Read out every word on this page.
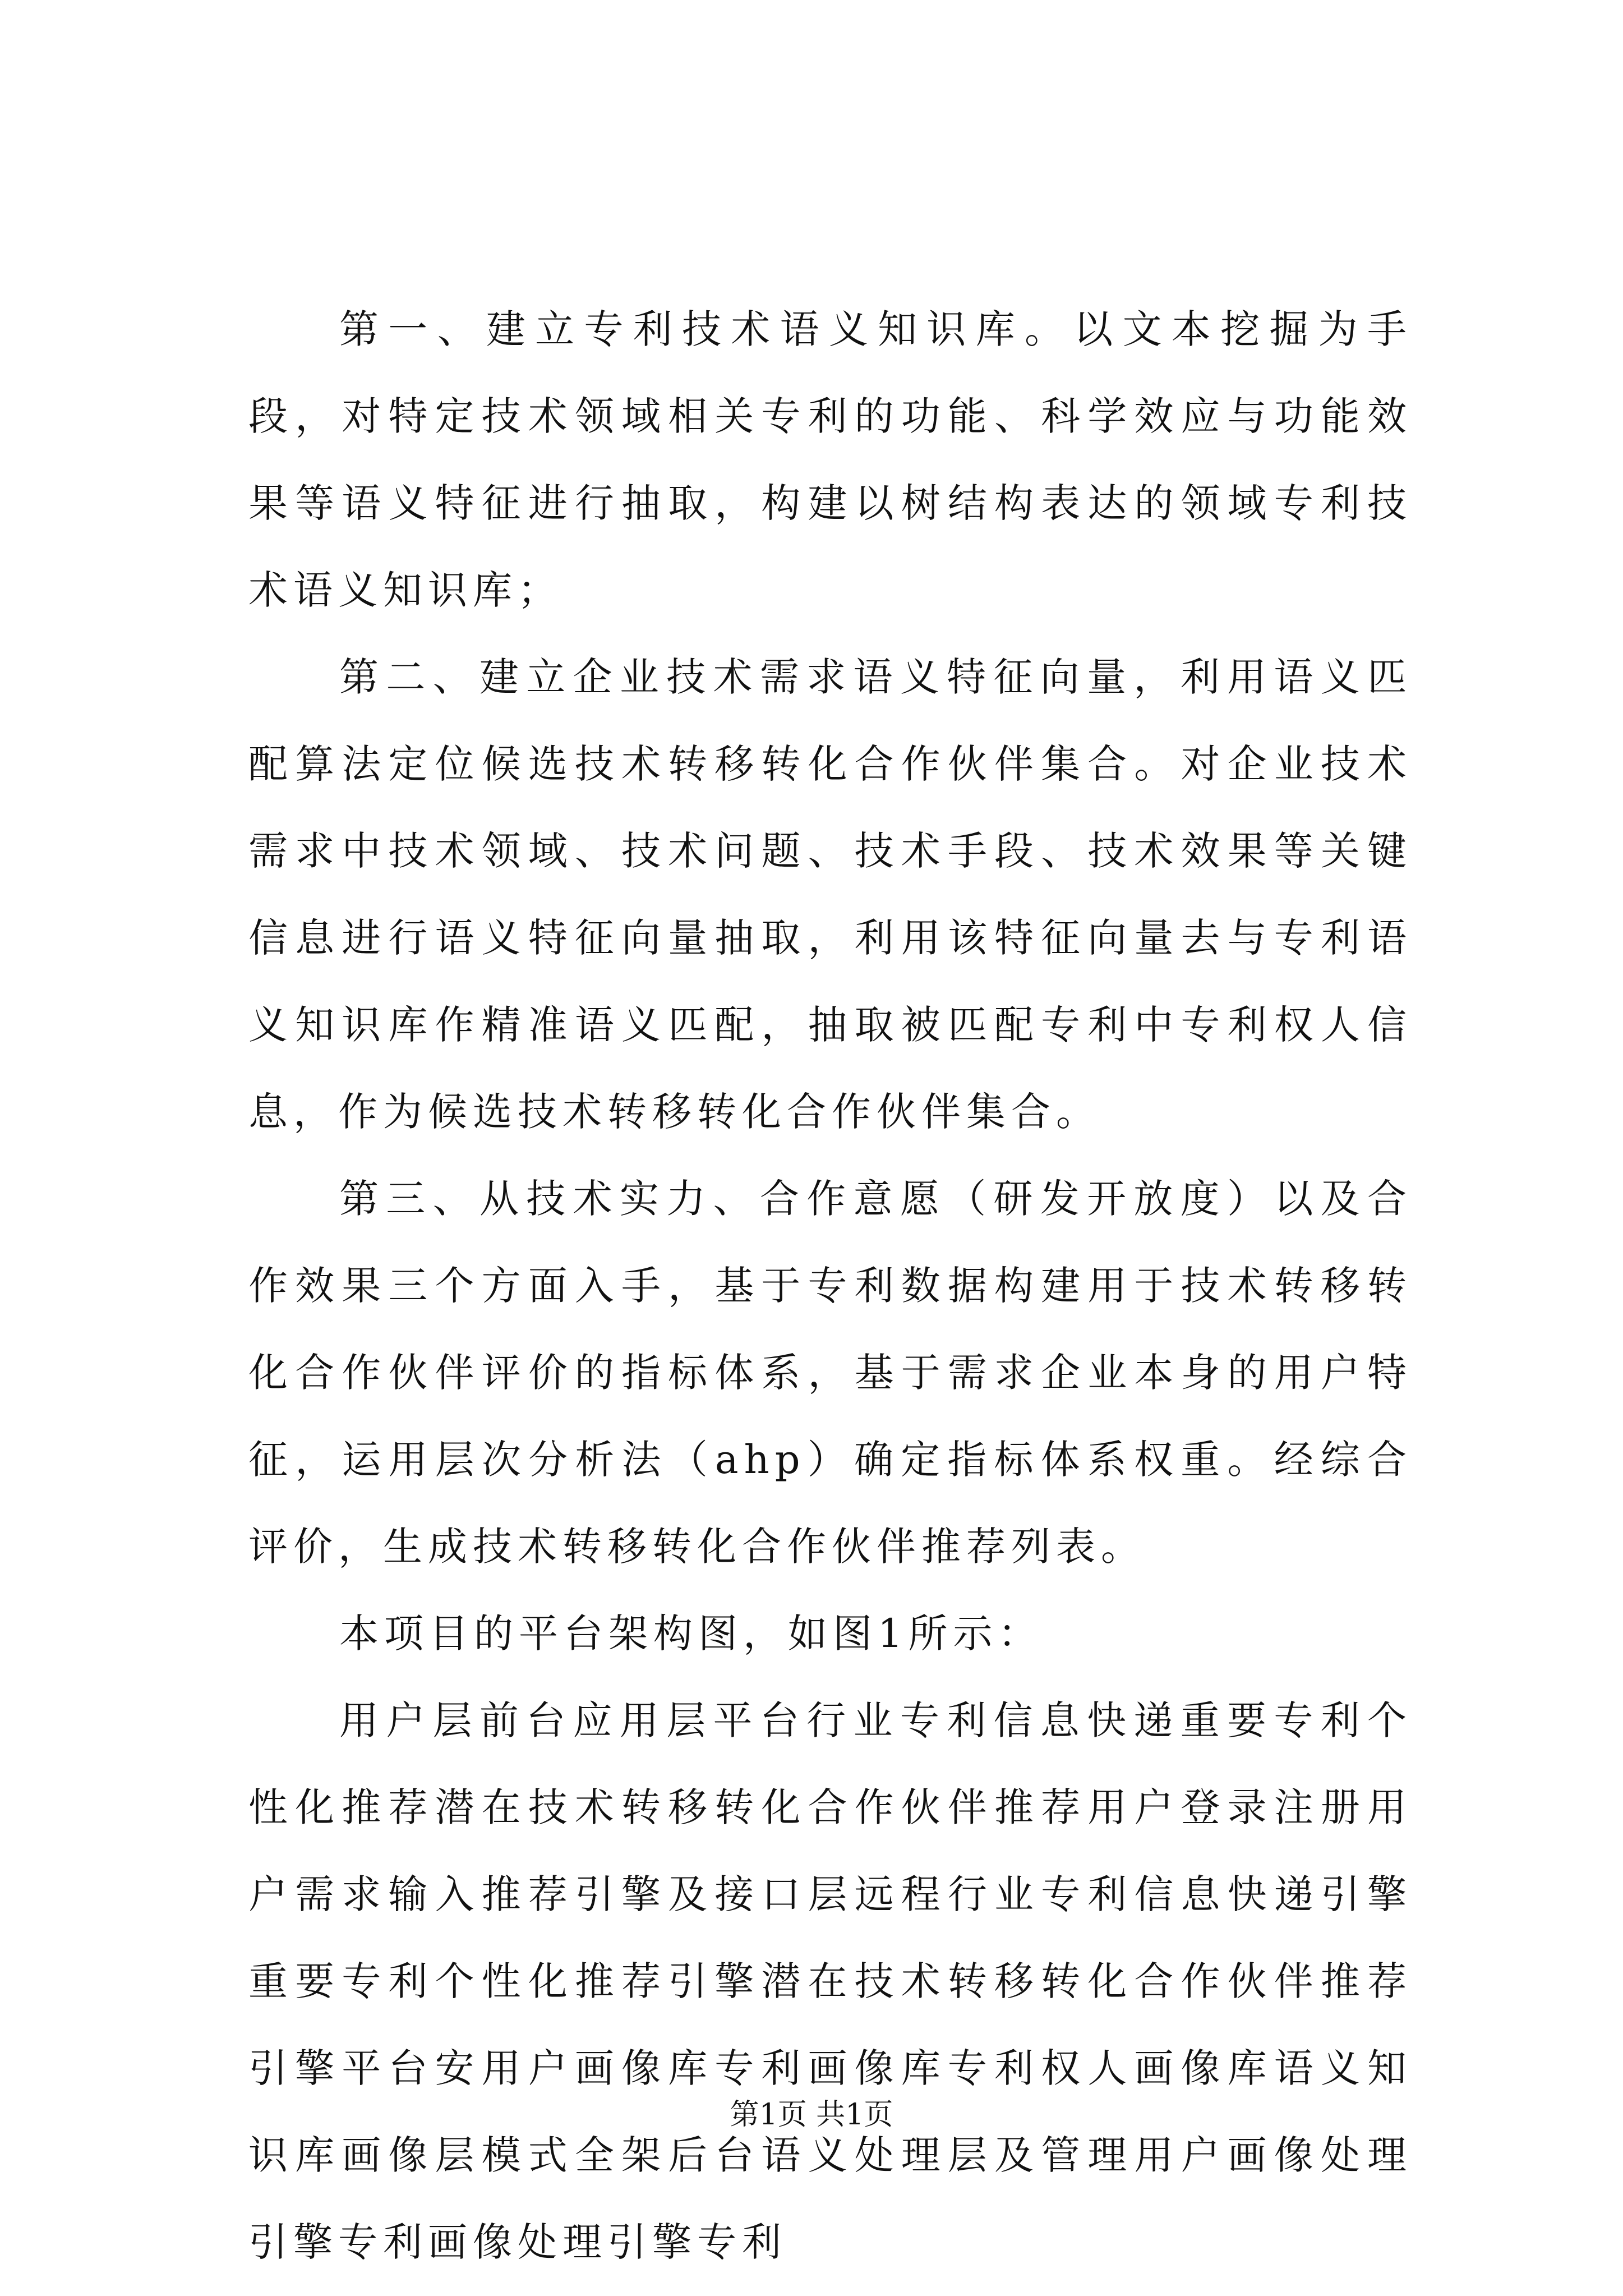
第一、建立专利技术语义知识库。以文本挖掘为手段，对特定技术领域相关专利的功能、科学效应与功能效果等语义特征进行抽取，构建以树结构表达的领域专利技术语义知识库；

第二、建立企业技术需求语义特征向量，利用语义匹配算法定位候选技术转移转化合作伙伴集合。对企业技术需求中技术领域、技术问题、技术手段、技术效果等关键信息进行语义特征向量抽取，利用该特征向量去与专利语义知识库作精准语义匹配，抽取被匹配专利中专利权人信息，作为候选技术转移转化合作伙伴集合。

第三、从技术实力、合作意愿（研发开放度）以及合作效果三个方面入手，基于专利数据构建用于技术转移转化合作伙伴评价的指标体系，基于需求企业本身的用户特征，运用层次分析法（ahp）确定指标体系权重。经综合评价，生成技术转移转化合作伙伴推荐列表。

本项目的平台架构图，如图1所示：

用户层前台应用层平台行业专利信息快递重要专利个性化推荐潜在技术转移转化合作伙伴推荐用户登录注册用户需求输入推荐引擎及接口层远程行业专利信息快递引擎重要专利个性化推荐引擎潜在技术转移转化合作伙伴推荐引擎平台安用户画像库专利画像库专利权人画像库语义知识库画像层模式全架后台语义处理层及管理用户画像处理引擎专利画像处理引擎专利

第1页 共1页
